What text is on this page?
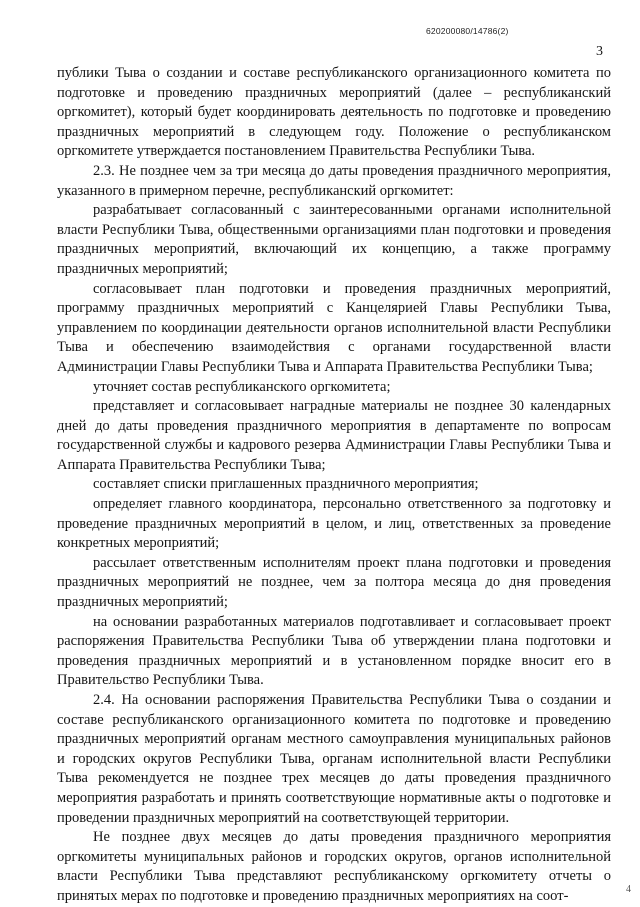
620200080/14786(2)
3

публики Тыва о создании и составе республиканского организационного комитета по подготовке и проведению праздничных мероприятий (далее – республиканский оргкомитет), который будет координировать деятельность по подготовке и проведению праздничных мероприятий в следующем году. Положение о республиканском оргкомитете утверждается постановлением Правительства Республики Тыва.

2.3. Не позднее чем за три месяца до даты проведения праздничного мероприятия, указанного в примерном перечне, республиканский оргкомитет:

разрабатывает согласованный с заинтересованными органами исполнительной власти Республики Тыва, общественными организациями план подготовки и проведения праздничных мероприятий, включающий их концепцию, а также программу праздничных мероприятий;

согласовывает план подготовки и проведения праздничных мероприятий, программу праздничных мероприятий с Канцелярией Главы Республики Тыва, управлением по координации деятельности органов исполнительной власти Республики Тыва и обеспечению взаимодействия с органами государственной власти Администрации Главы Республики Тыва и Аппарата Правительства Республики Тыва;

уточняет состав республиканского оргкомитета;

представляет и согласовывает наградные материалы не позднее 30 календарных дней до даты проведения праздничного мероприятия в департаменте по вопросам государственной службы и кадрового резерва Администрации Главы Республики Тыва и Аппарата Правительства Республики Тыва;

составляет списки приглашенных праздничного мероприятия;

определяет главного координатора, персонально ответственного за подготовку и проведение праздничных мероприятий в целом, и лиц, ответственных за проведение конкретных мероприятий;

рассылает ответственным исполнителям проект плана подготовки и проведения праздничных мероприятий не позднее, чем за полтора месяца до дня проведения праздничных мероприятий;

на основании разработанных материалов подготавливает и согласовывает проект распоряжения Правительства Республики Тыва об утверждении плана подготовки и проведения праздничных мероприятий и в установленном порядке вносит его в Правительство Республики Тыва.

2.4. На основании распоряжения Правительства Республики Тыва о создании и составе республиканского организационного комитета по подготовке и проведению праздничных мероприятий органам местного самоуправления муниципальных районов и городских округов Республики Тыва, органам исполнительной власти Республики Тыва рекомендуется не позднее трех месяцев до даты проведения праздничного мероприятия разработать и принять соответствующие нормативные акты о подготовке и проведении праздничных мероприятий на соответствующей территории.

Не позднее двух месяцев до даты проведения праздничного мероприятия оргкомитеты муниципальных районов и городских округов, органов исполнительной власти Республики Тыва представляют республиканскому оргкомитету отчеты о принятых мерах по подготовке и проведению праздничных мероприятиях на соот-	4
